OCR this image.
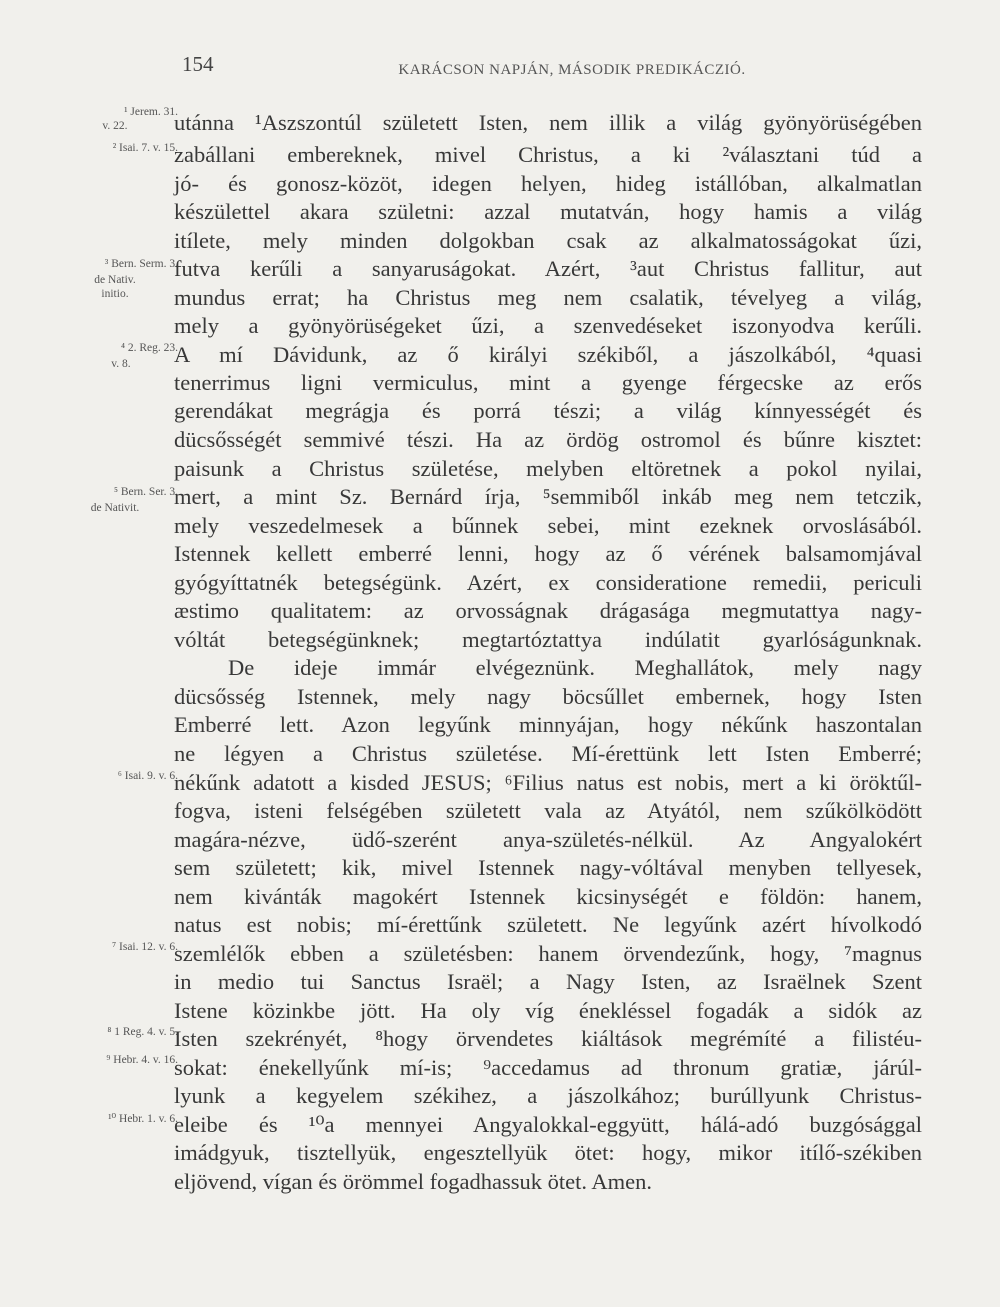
154	KARÁCSON NAPJÁN, MÁSODIK PREDIKÁCZIÓ.
¹ Jerem. 31.
v. 22.
² Isai. 7. v. 15.
³ Bern. Serm. 3.
de Nativ.
initio.
⁴ 2. Reg. 23.
v. 8.
⁵ Bern. Ser. 3.
de Nativit.
⁶ Isai. 9. v. 6.
⁷ Isai. 12. v. 6.
⁸ 1 Reg. 4. v. 5.
⁹ Hebr. 4. v. 16.
¹⁰ Hebr. 1. v. 6.
utánna ¹Aszszontúl született Isten, nem illik a világ gyönyörüségében
zabállani embereknek, mivel Christus, a ki ²választani túd a
jó- és gonosz-közöt, idegen helyen, hideg istállóban, alkalmatlan
készülettel akara születni: azzal mutatván, hogy hamis a világ
itílete, mely minden dolgokban csak az alkalmatosságokat űzi,
futva kerűli a sanyaruságokat. Azért, ³aut Christus fallitur, aut
mundus errat; ha Christus meg nem csalatik, tévelyeg a világ,
mely a gyönyörüségeket űzi, a szenvedéseket iszonyodva kerűli.
A mí Dávidunk, az ő királyi székiből, a jászolkából, ⁴quasi
tenerrimus ligni vermiculus, mint a gyenge férgecske az erős
gerendákat megrágja és porrá tészi; a világ kínnyességét és
dücsősségét semmivé tészi. Ha az ördög ostromol és bűnre kisztet:
paisunk a Christus születése, melyben eltöretnek a pokol nyilai,
mert, a mint Sz. Bernárd írja, ⁵semmiből inkáb meg nem tetczik,
mely veszedelmesek a bűnnek sebei, mint ezeknek orvoslásából.
Istennek kellett emberré lenni, hogy az ő vérének balsamomjával
gyógyíttatnék betegségünk. Azért, ex consideratione remedii, periculi
æstimo qualitatem: az orvosságnak drágasága megmutattya nagy-
vóltát betegségünknek; megtartóztattya indúlatit gyarlóságunknak.
De ideje immár elvégeznünk. Meghallátok, mely nagy
dücsősség Istennek, mely nagy böcsűllet embernek, hogy Isten
Emberré lett. Azon legyűnk minnyájan, hogy nékűnk haszontalan
ne légyen a Christus születése. Mí-érettünk lett Isten Emberré;
nékűnk adatott a kisded JESUS; ⁶Filius natus est nobis, mert a ki öröktűl-
fogva, isteni felségében született vala az Atyától, nem szűkölködött
magára-nézve, üdő-szerént anya-születés-nélkül. Az Angyalokért
sem született; kik, mivel Istennek nagy-vóltával menyben tellyesek,
nem kivánták magokért Istennek kicsinységét e földön: hanem,
natus est nobis; mí-érettűnk született. Ne legyűnk azért hívolkodó
szemlélők ebben a születésben: hanem örvendezűnk, hogy, ⁷magnus
in medio tui Sanctus Israël; a Nagy Isten, az Israëlnek Szent
Istene közinkbe jött. Ha oly víg énekléssel fogadák a sidók az
Isten szekrényét, ⁸hogy örvendetes kiáltások megrémíté a filistéu-
sokat: énekellyűnk mí-is; ⁹accedamus ad thronum gratiæ, járúl-
lyunk a kegyelem székihez, a jászolkához; burúllyunk Christus-
eleibe és ¹⁰a mennyei Angyalokkal-eggyütt, hálá-adó buzgósággal
imádgyuk, tisztellyük, engesztellyük ötet: hogy, mikor itílő-székiben
eljövend, vígan és örömmel fogadhassuk ötet. Amen.
